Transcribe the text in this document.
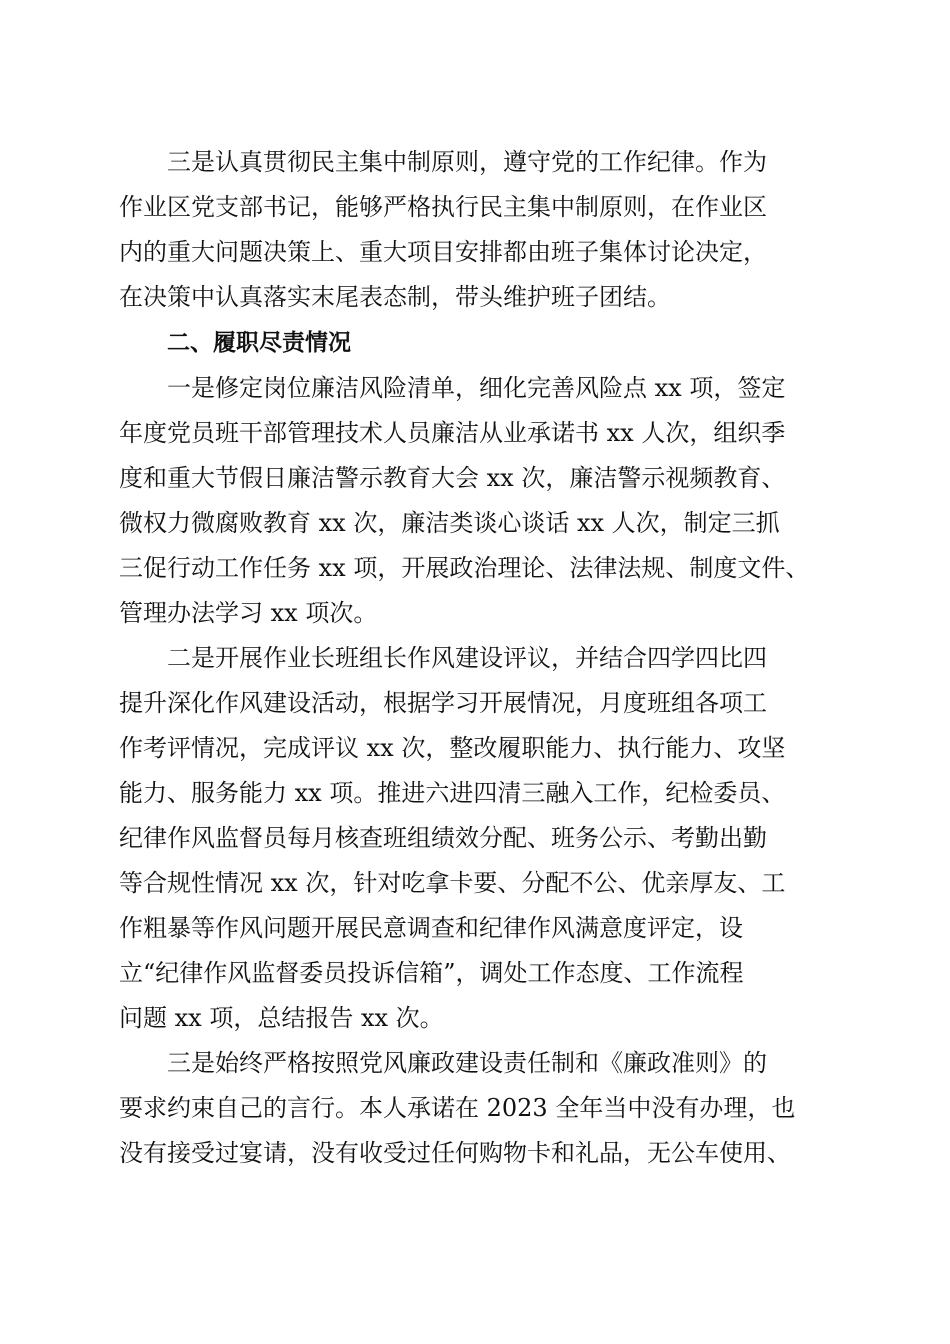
三是认真贯彻民主集中制原则，遵守党的工作纪律。作为
作业区党支部书记，能够严格执行民主集中制原则，在作业区
内的重大问题决策上、重大项目安排都由班子集体讨论决定，
在决策中认真落实末尾表态制，带头维护班子团结。

二、履职尽责情况

一是修定岗位廉洁风险清单，细化完善风险点 xx 项，签定
年度党员班干部管理技术人员廉洁从业承诺书 xx 人次，组织季
度和重大节假日廉洁警示教育大会 xx 次，廉洁警示视频教育、
微权力微腐败教育 xx 次，廉洁类谈心谈话 xx 人次，制定三抓
三促行动工作任务 xx 项，开展政治理论、法律法规、制度文件、
管理办法学习 xx 项次。

二是开展作业长班组长作风建设评议，并结合四学四比四
提升深化作风建设活动，根据学习开展情况，月度班组各项工
作考评情况，完成评议 xx 次，整改履职能力、执行能力、攻坚
能力、服务能力 xx 项。推进六进四清三融入工作，纪检委员、
纪律作风监督员每月核查班组绩效分配、班务公示、考勤出勤
等合规性情况 xx 次，针对吃拿卡要、分配不公、优亲厚友、工
作粗暴等作风问题开展民意调查和纪律作风满意度评定，设
立“纪律作风监督委员投诉信箱”，调处工作态度、工作流程
问题 xx 项，总结报告 xx 次。

三是始终严格按照党风廉政建设责任制和《廉政准则》的
要求约束自己的言行。本人承诺在 2023 全年当中没有办理，也
没有接受过宴请，没有收受过任何购物卡和礼品，无公车使用、
